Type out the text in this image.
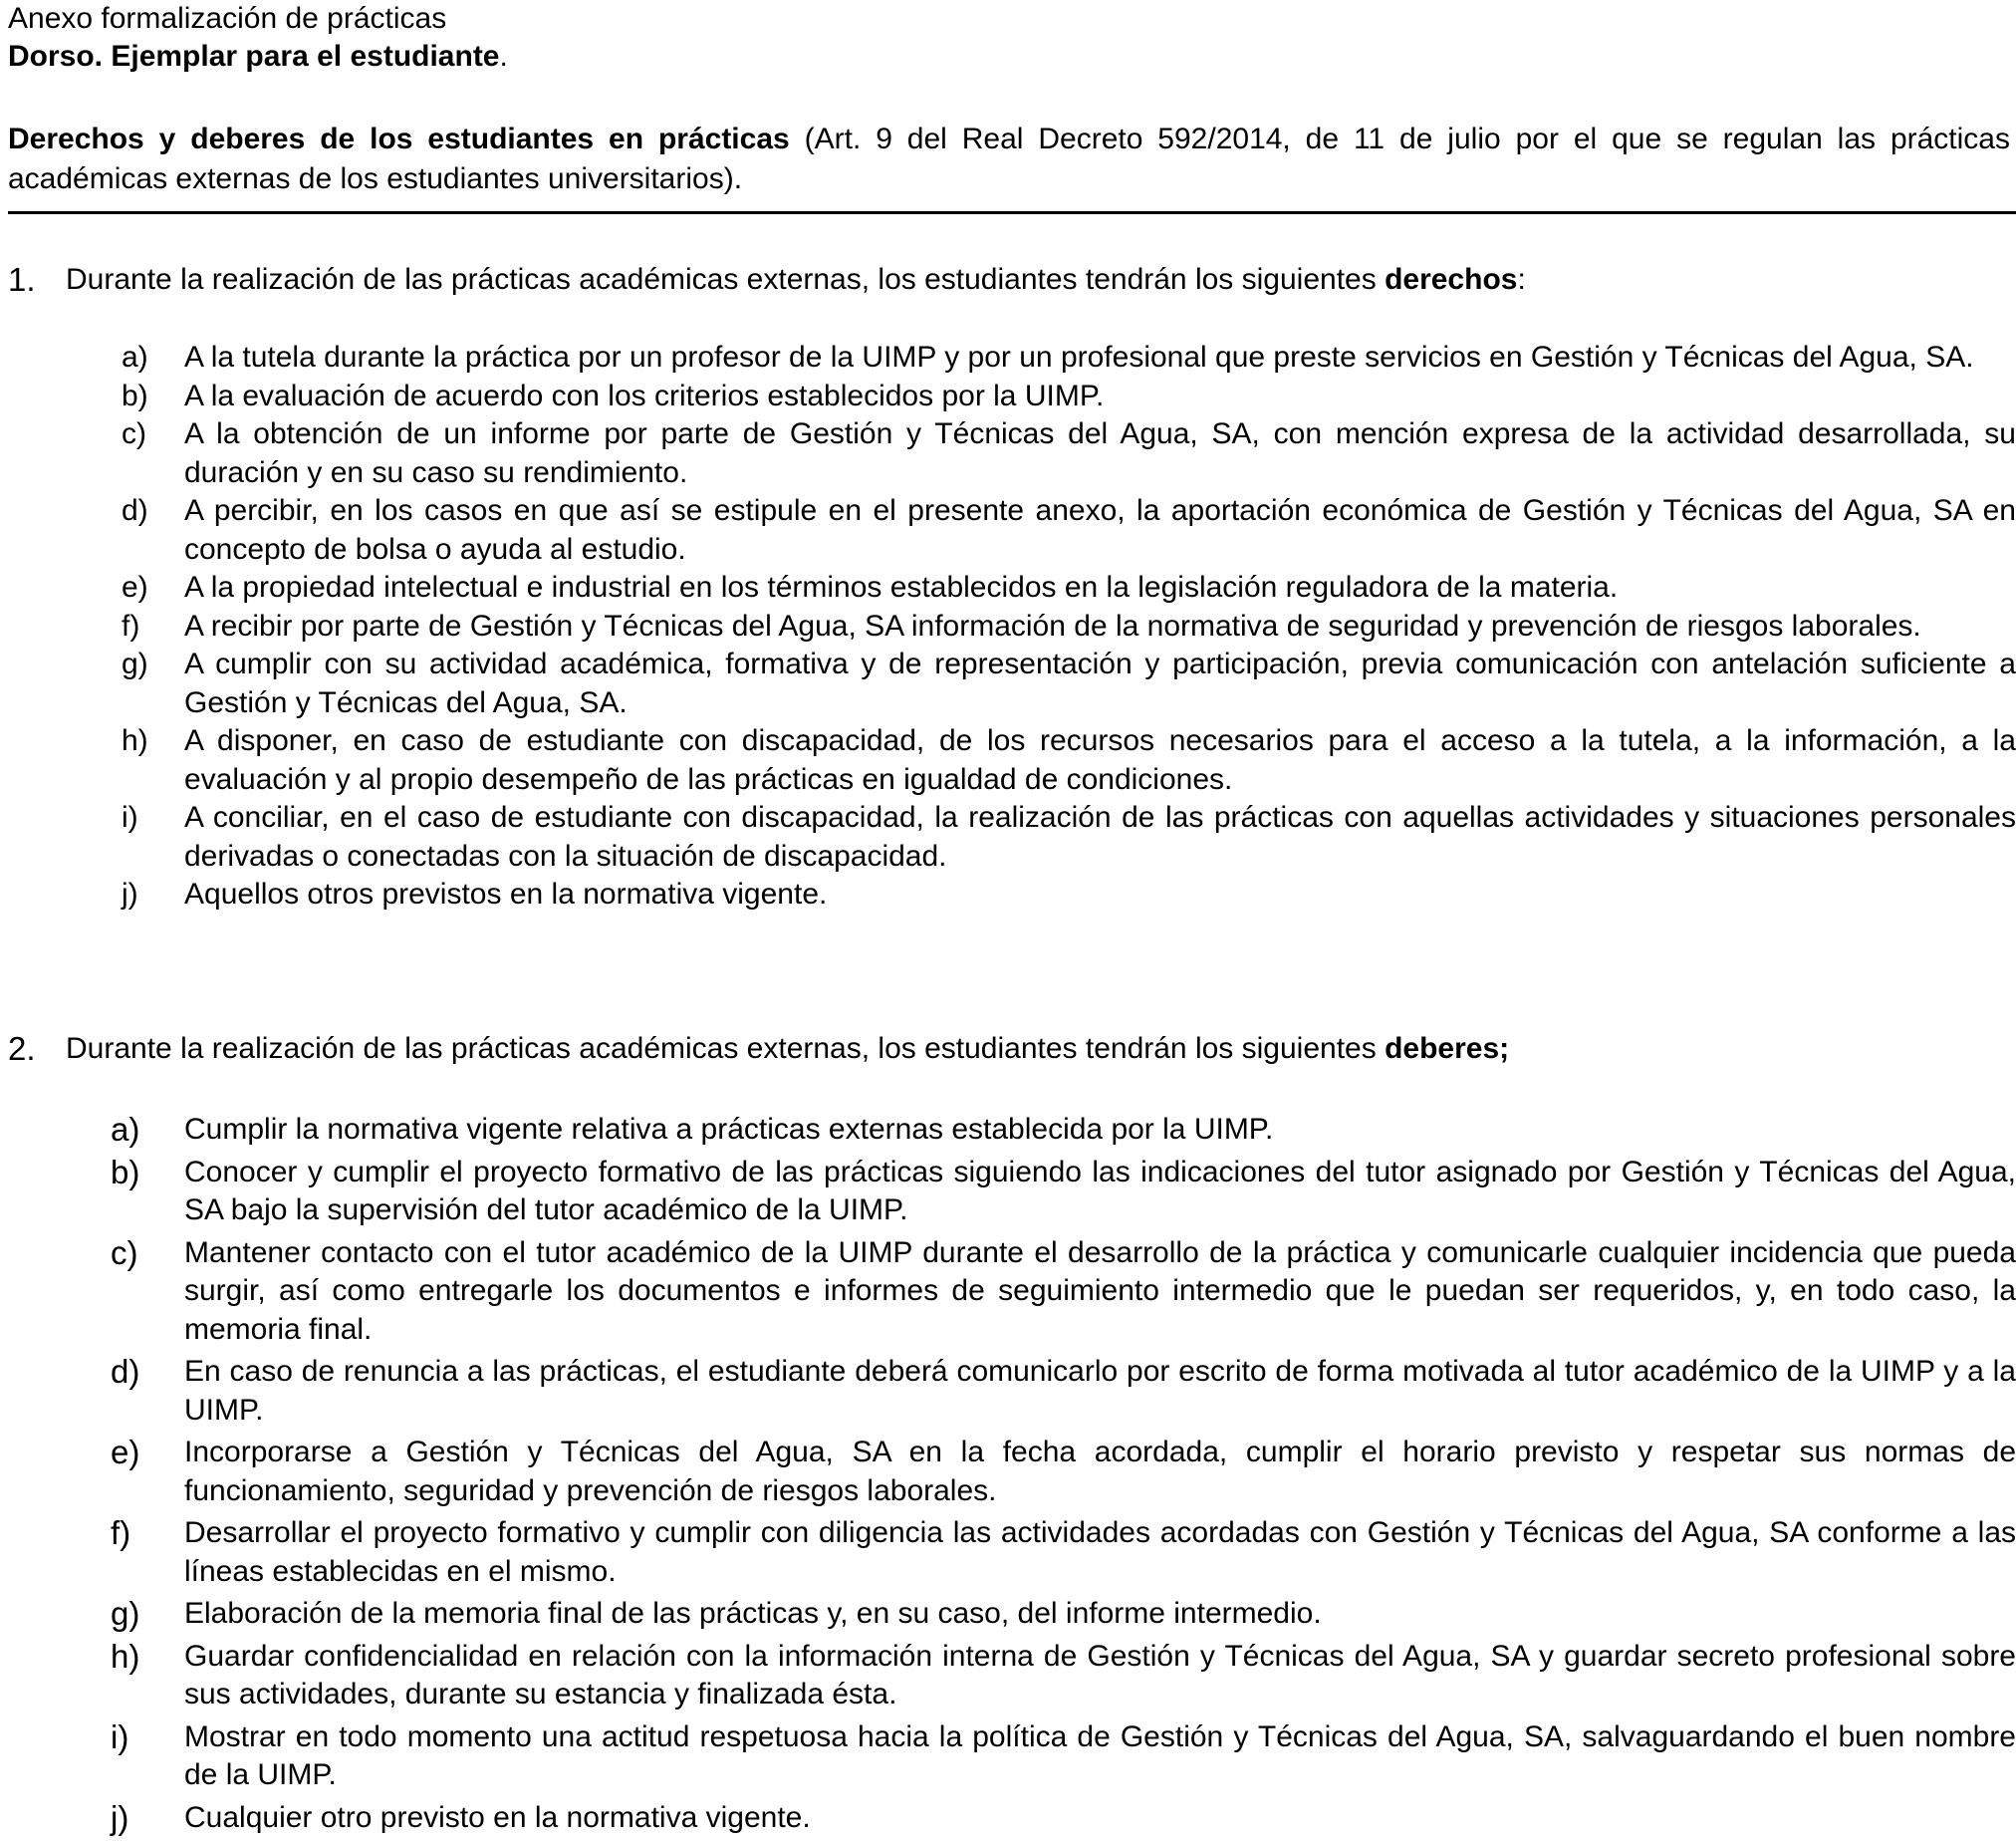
Anexo formalización de prácticas

Dorso. Ejemplar para el estudiante.

Derechos y deberes de los estudiantes en prácticas (Art. 9 del Real Decreto 592/2014, de 11 de julio por el que se regulan las prácticas académicas externas de los estudiantes universitarios).

1. Durante la realización de las prácticas académicas externas, los estudiantes tendrán los siguientes derechos:
a) A la tutela durante la práctica por un profesor de la UIMP y por un profesional que preste servicios en Gestión y Técnicas del Agua, SA.
b) A la evaluación de acuerdo con los criterios establecidos por la UIMP.
c) A la obtención de un informe por parte de Gestión y Técnicas del Agua, SA, con mención expresa de la actividad desarrollada, su duración y en su caso su rendimiento.
d) A percibir, en los casos en que así se estipule en el presente anexo, la aportación económica de Gestión y Técnicas del Agua, SA en concepto de bolsa o ayuda al estudio.
e) A la propiedad intelectual e industrial en los términos establecidos en la legislación reguladora de la materia.
f) A recibir por parte de Gestión y Técnicas del Agua, SA información de la normativa de seguridad y prevención de riesgos laborales.
g) A cumplir con su actividad académica, formativa y de representación y participación, previa comunicación con antelación suficiente a Gestión y Técnicas del Agua, SA.
h) A disponer, en caso de estudiante con discapacidad, de los recursos necesarios para el acceso a la tutela, a la información, a la evaluación y al propio desempeño de las prácticas en igualdad de condiciones.
i) A conciliar, en el caso de estudiante con discapacidad, la realización de las prácticas con aquellas actividades y situaciones personales derivadas o conectadas con la situación de discapacidad.
j) Aquellos otros previstos en la normativa vigente.
2. Durante la realización de las prácticas académicas externas, los estudiantes tendrán los siguientes deberes;
a) Cumplir la normativa vigente relativa a prácticas externas establecida por la UIMP.
b) Conocer y cumplir el proyecto formativo de las prácticas siguiendo las indicaciones del tutor asignado por Gestión y Técnicas del Agua, SA bajo la supervisión del tutor académico de la UIMP.
c) Mantener contacto con el tutor académico de la UIMP durante el desarrollo de la práctica y comunicarle cualquier incidencia que pueda surgir, así como entregarle los documentos e informes de seguimiento intermedio que le puedan ser requeridos, y, en todo caso, la memoria final.
d) En caso de renuncia a las prácticas, el estudiante deberá comunicarlo por escrito de forma motivada al tutor académico de la UIMP y a la UIMP.
e) Incorporarse a Gestión y Técnicas del Agua, SA en la fecha acordada, cumplir el horario previsto y respetar sus normas de funcionamiento, seguridad y prevención de riesgos laborales.
f) Desarrollar el proyecto formativo y cumplir con diligencia las actividades acordadas con Gestión y Técnicas del Agua, SA conforme a las líneas establecidas en el mismo.
g) Elaboración de la memoria final de las prácticas y, en su caso, del informe intermedio.
h) Guardar confidencialidad en relación con la información interna de Gestión y Técnicas del Agua, SA y guardar secreto profesional sobre sus actividades, durante su estancia y finalizada ésta.
i) Mostrar en todo momento una actitud respetuosa hacia la política de Gestión y Técnicas del Agua, SA, salvaguardando el buen nombre de la UIMP.
j) Cualquier otro previsto en la normativa vigente.
